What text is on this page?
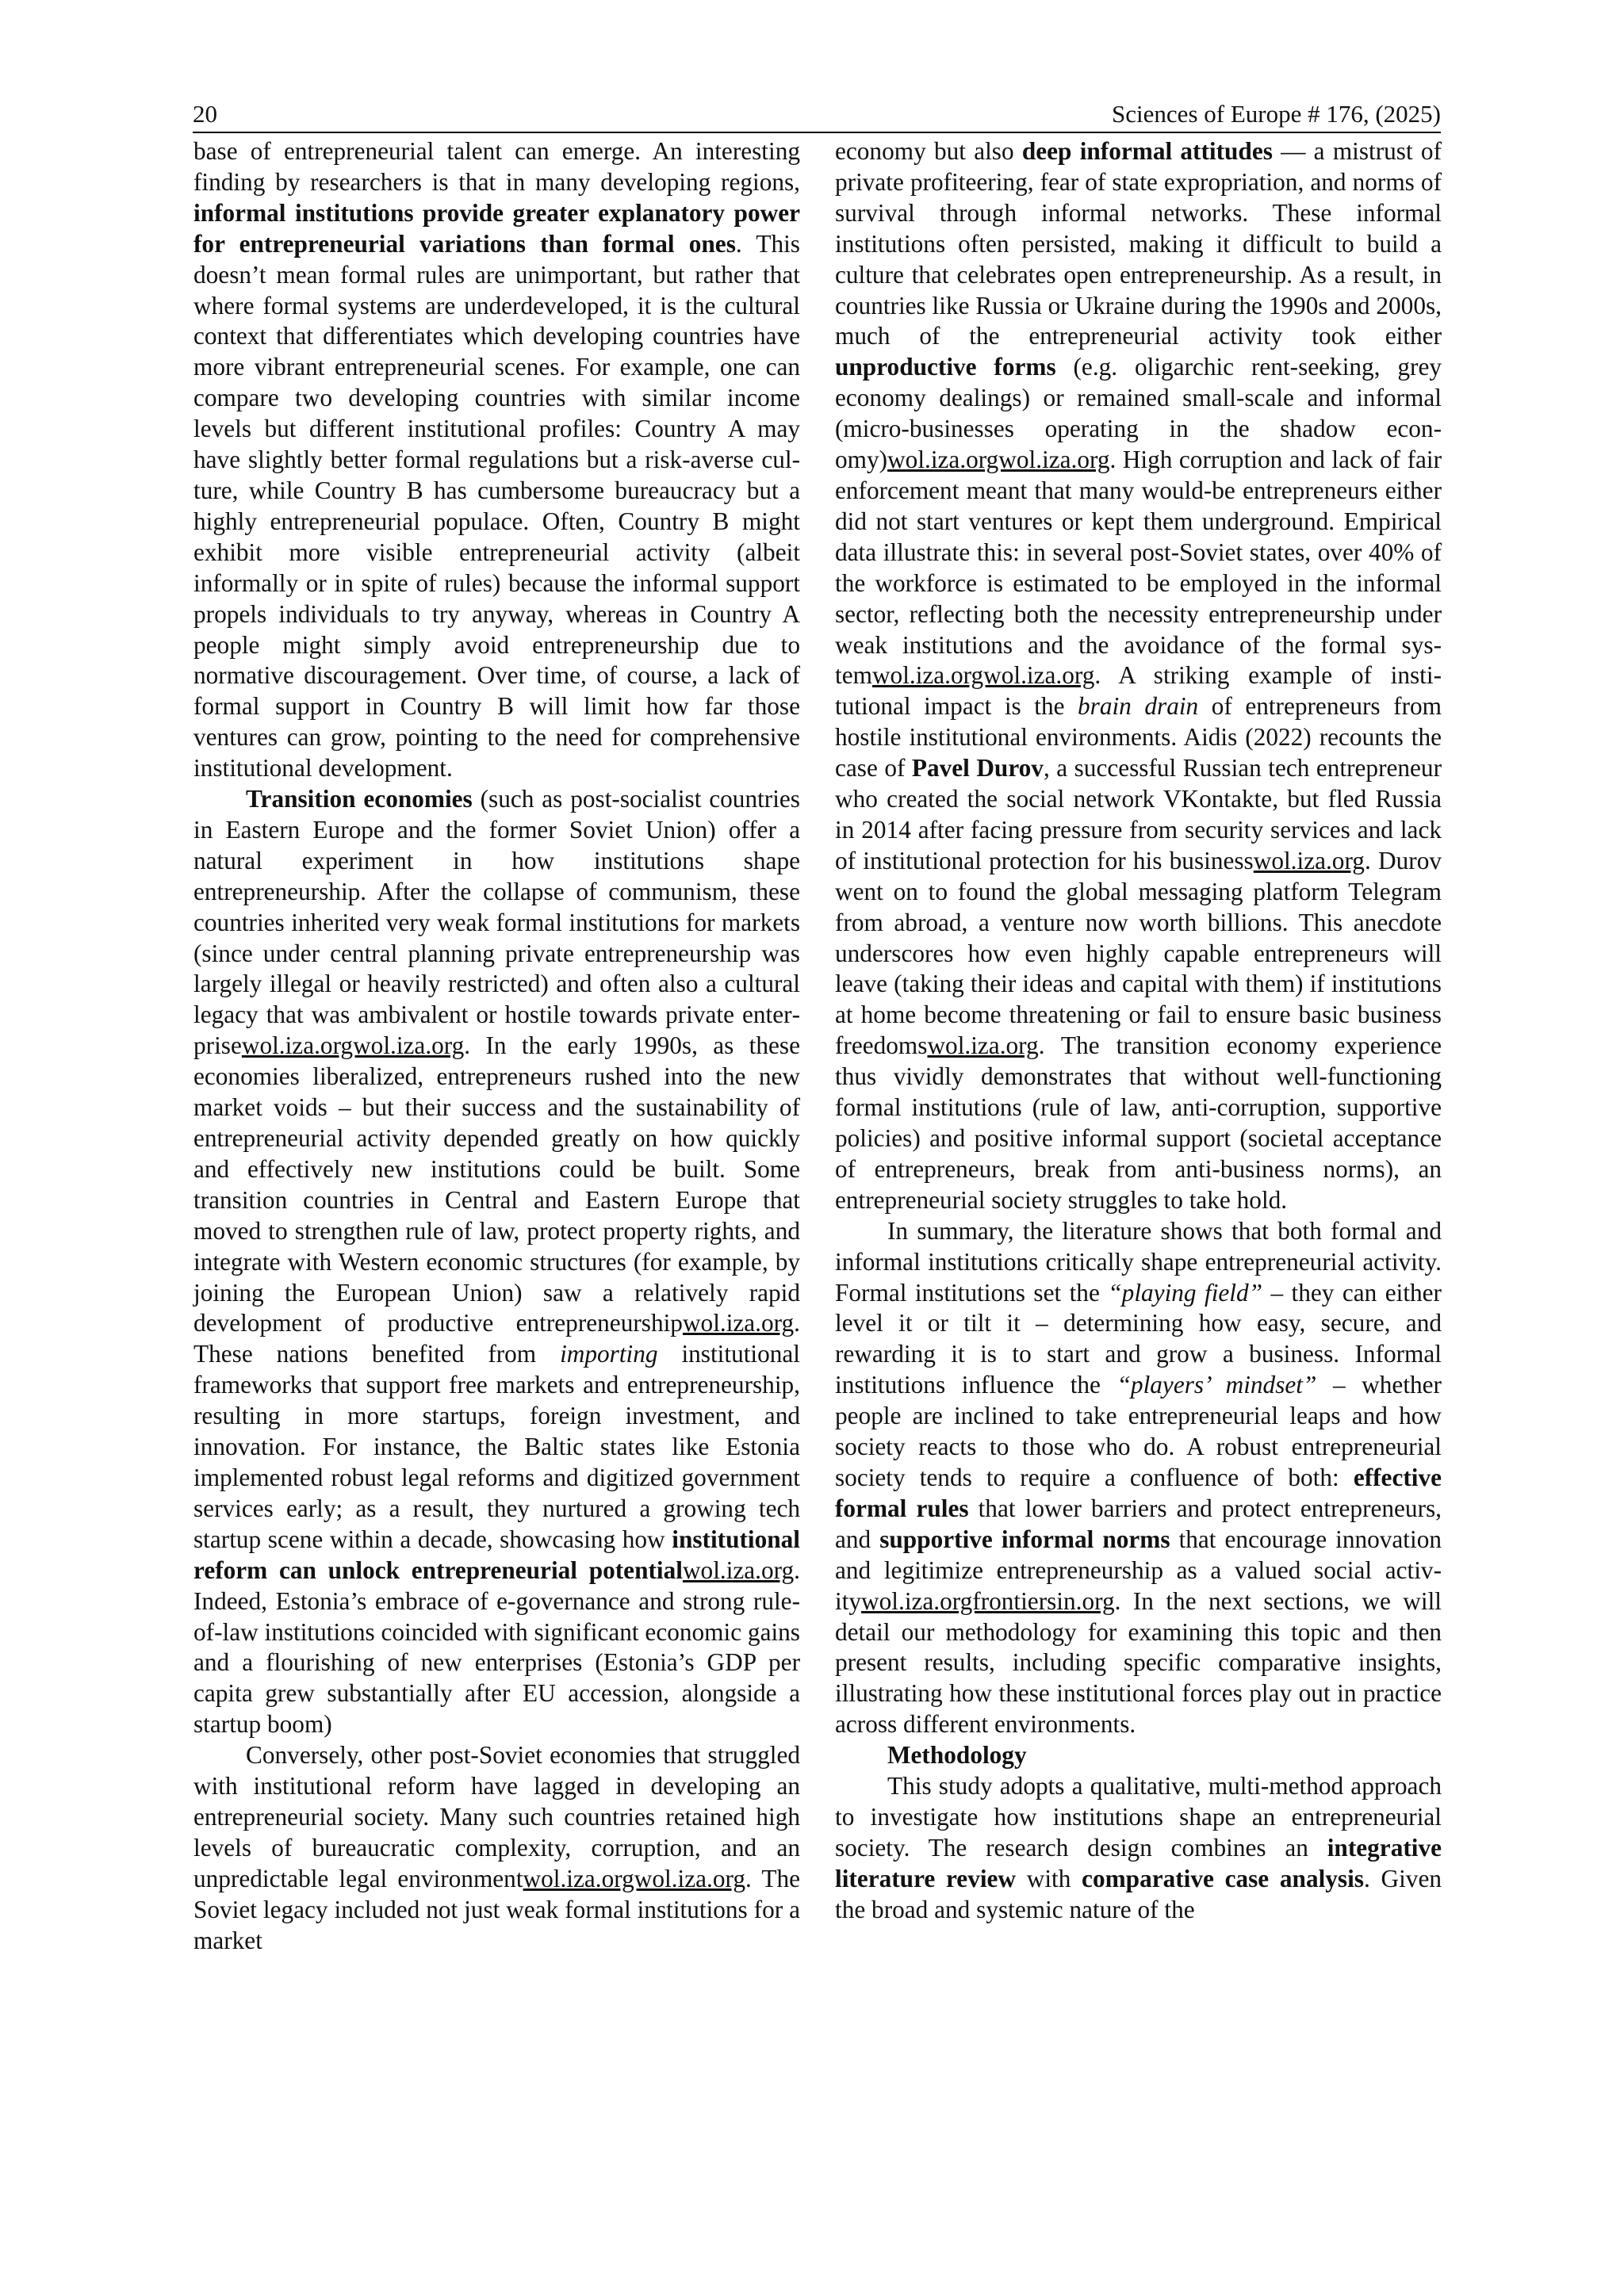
20	Sciences of Europe # 176, (2025)

base of entrepreneurial talent can emerge. An interesting finding by researchers is that in many developing regions, informal institutions provide greater explanatory power for entrepreneurial variations than formal ones. This doesn’t mean formal rules are unimportant, but rather that where formal systems are underdeveloped, it is the cultural context that differentiates which developing countries have more vibrant entrepreneurial scenes. For example, one can compare two developing countries with similar income levels but different institutional profiles: Country A may have slightly better formal regulations but a risk-averse culture, while Country B has cumbersome bureaucracy but a highly entrepreneurial populace. Often, Country B might exhibit more visible entrepreneurial activity (albeit informally or in spite of rules) because the informal support propels individuals to try anyway, whereas in Country A people might simply avoid entrepreneurship due to normative discouragement. Over time, of course, a lack of formal support in Country B will limit how far those ventures can grow, pointing to the need for comprehensive institutional development.

Transition economies (such as post-socialist countries in Eastern Europe and the former Soviet Union) offer a natural experiment in how institutions shape entrepreneurship. After the collapse of communism, these countries inherited very weak formal institutions for markets (since under central planning private entrepreneurship was largely illegal or heavily restricted) and often also a cultural legacy that was ambivalent or hostile towards private enterprisewol.iza.orgwol.iza.org. In the early 1990s, as these economies liberalized, entrepreneurs rushed into the new market voids – but their success and the sustainability of entrepreneurial activity depended greatly on how quickly and effectively new institutions could be built. Some transition countries in Central and Eastern Europe that moved to strengthen rule of law, protect property rights, and integrate with Western economic structures (for example, by joining the European Union) saw a relatively rapid development of productive entrepreneurshipwol.iza.org. These nations benefited from importing institutional frameworks that support free markets and entrepreneurship, resulting in more startups, foreign investment, and innovation. For instance, the Baltic states like Estonia implemented robust legal reforms and digitized government services early; as a result, they nurtured a growing tech startup scene within a decade, showcasing how institutional reform can unlock entrepreneurial potentialwol.iza.org. Indeed, Estonia’s embrace of e-governance and strong rule-of-law institutions coincided with significant economic gains and a flourishing of new enterprises (Estonia’s GDP per capita grew substantially after EU accession, alongside a startup boom)

Conversely, other post-Soviet economies that struggled with institutional reform have lagged in developing an entrepreneurial society. Many such countries retained high levels of bureaucratic complexity, corruption, and an unpredictable legal environmentwol.iza.orgwol.iza.org. The Soviet legacy included not just weak formal institutions for a market

economy but also deep informal attitudes — a mistrust of private profiteering, fear of state expropriation, and norms of survival through informal networks. These informal institutions often persisted, making it difficult to build a culture that celebrates open entrepreneurship. As a result, in countries like Russia or Ukraine during the 1990s and 2000s, much of the entrepreneurial activity took either unproductive forms (e.g. oligarchic rent-seeking, grey economy dealings) or remained small-scale and informal (micro-businesses operating in the shadow economy)wol.iza.orgwol.iza.org. High corruption and lack of fair enforcement meant that many would-be entrepreneurs either did not start ventures or kept them underground. Empirical data illustrate this: in several post-Soviet states, over 40% of the workforce is estimated to be employed in the informal sector, reflecting both the necessity entrepreneurship under weak institutions and the avoidance of the formal systemwol.iza.orgwol.iza.org. A striking example of institutional impact is the brain drain of entrepreneurs from hostile institutional environments. Aidis (2022) recounts the case of Pavel Durov, a successful Russian tech entrepreneur who created the social network VKontakte, but fled Russia in 2014 after facing pressure from security services and lack of institutional protection for his businesswol.iza.org. Durov went on to found the global messaging platform Telegram from abroad, a venture now worth billions. This anecdote underscores how even highly capable entrepreneurs will leave (taking their ideas and capital with them) if institutions at home become threatening or fail to ensure basic business freedomswol.iza.org. The transition economy experience thus vividly demonstrates that without well-functioning formal institutions (rule of law, anti-corruption, supportive policies) and positive informal support (societal acceptance of entrepreneurs, break from anti-business norms), an entrepreneurial society struggles to take hold.

In summary, the literature shows that both formal and informal institutions critically shape entrepreneurial activity. Formal institutions set the “playing field” – they can either level it or tilt it – determining how easy, secure, and rewarding it is to start and grow a business. Informal institutions influence the “players’ mindset” – whether people are inclined to take entrepreneurial leaps and how society reacts to those who do. A robust entrepreneurial society tends to require a confluence of both: effective formal rules that lower barriers and protect entrepreneurs, and supportive informal norms that encourage innovation and legitimize entrepreneurship as a valued social activitywol.iza.orgfrontiersin.org. In the next sections, we will detail our methodology for examining this topic and then present results, including specific comparative insights, illustrating how these institutional forces play out in practice across different environments.

Methodology

This study adopts a qualitative, multi-method approach to investigate how institutions shape an entrepreneurial society. The research design combines an integrative literature review with comparative case analysis. Given the broad and systemic nature of the
